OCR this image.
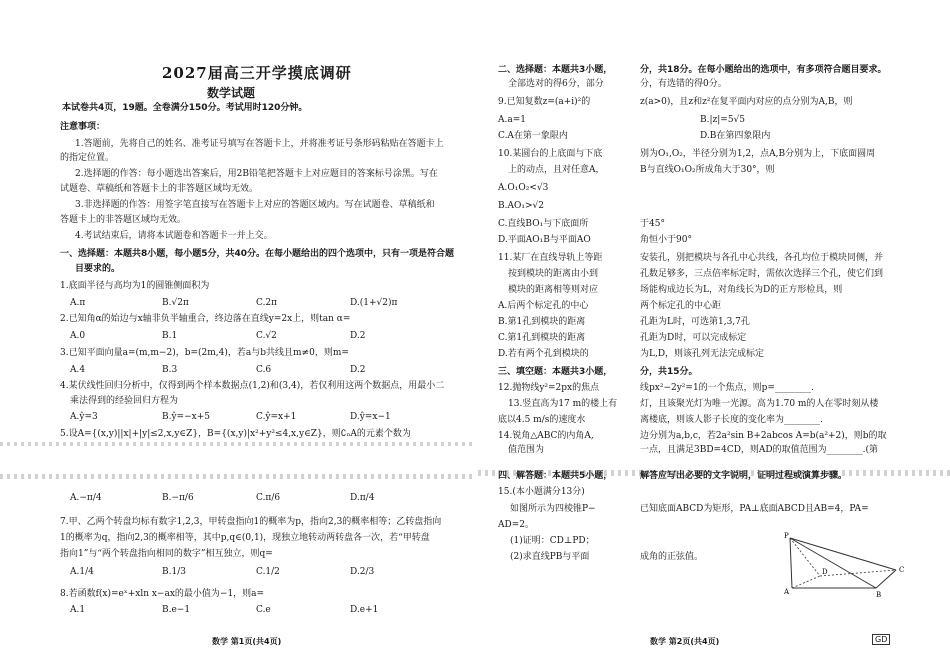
2027届高三开学摸底调研
数学试题
本试卷共4页，19题。全卷满分150分。考试用时120分钟。
注意事项：
1.答题前，先将自己的姓名、准考证号填写在答题卡上，并将准考证号条形码粘贴在答题卡上
的指定位置。
2.选择题的作答：每小题选出答案后，用2B铅笔把答题卡上对应题目的答案标号涂黑。写在
试题卷、草稿纸和答题卡上的非答题区域均无效。
3.非选择题的作答：用签字笔直接写在答题卡上对应的答题区域内。写在试题卷、草稿纸和
答题卡上的非答题区域均无效。
4.考试结束后，请将本试题卷和答题卡一并上交。
一、选择题：本题共8小题，每小题5分，共40分。在每小题给出的四个选项中，只有一项是符合题
目要求的。
1.底面半径与高均为1的圆锥侧面积为
A.π	B.√2π	C.2π	D.(1+√2)π
2.已知角α的始边与x轴非负半轴重合，终边落在直线y=2x上，则tan α=
A.0	B.1	C.√2	D.2
3.已知平面向量a=(m,m−2)，b=(2m,4)，若a与b共线且m≠0，则m=
A.4	B.3	C.6	D.2
4.某伏线性回归分析中，仅得到两个样本数据点(1,2)和(3,4)，若仅利用这两个数据点，用最小二
乘法得到的经验回归方程为
A.ŷ=3	B.ŷ=−x+5	C.ŷ=x+1	D.ŷ=x−1
5.设A={(x,y)||x|+|y|≤2,x,y∈Z}，B={(x,y)|x²+y²≤4,x,y∈Z}，则∁ₙA的元素个数为
A.−π/4	B.−π/6	C.π/6	D.π/4
7.甲、乙两个转盘均标有数字1,2,3，甲转盘指向1的概率为p，指向2,3的概率相等；乙转盘指向
1的概率为q，指向2,3的概率相等，其中p,q∈(0,1)，现独立地转动两转盘各一次，若“甲转盘
指向1”与“两个转盘指向相同的数字”相互独立，则q=
A.1/4	B.1/3	C.1/2	D.2/3
8.若函数f(x)=eˣ+xln x−ax的最小值为−1，则a=
A.1	B.e−1	C.e	D.e+1
数学 第1页(共4页)
二、选择题：本题共3小题，
全部选对的得6分，部分
9.已知复数z=(a+i)²的
A.a=1
C.A在第一象限内
10.某圆台的上底面与下底
上的动点，且对任意A，
A.O₁O₂<√3
B.AO₁>√2
C.直线BO₁与下底面所
D.平面AO₁B与平面AO
11.某厂在直线导轨上等距
按到模块的距离由小到
模块的距离相等则对应
A.后两个标定孔的中心
B.第1孔到模块的距离
C.第1孔到模块的距离
D.若有两个孔到模块的
三、填空题：本题共3小题，
12.抛物线y²=2px的焦点
13.竖直高为17 m的楼上有
底以4.5 m/s的速度水
14.锐角△ABC的内角A,
值范围为
分，共18分。在每小题给出的选项中，有多项符合题目要求。
分，有选错的得0分。
z(a>0)，且z和z²在复平面内对应的点分别为A,B，则
B.|z|=5√5
D.B在第四象限内
别为O₁,O₂，半径分别为1,2，点A,B分别为上，下底面圆周
B与直线O₁O₂所成角大于30°，则
于45°
角恒小于90°
安装孔，别把模块与各孔中心共线，各孔均位于模块同侧，并
孔数足够多，三点倍率标定时，需依次选择三个孔，使它们到
场能构成边长为L，对角线长为D的正方形检具，则
两个标定孔的中心距
孔距为L时，可选第1,3,7孔
孔距为D时，可以完成标定
为L,D，则该孔列无法完成标定
分，共15分。
线px²−2y²=1的一个焦点，则p=________.
灯，且该聚光灯为唯一光源。高为1.70 m的人在零时刻从楼
离楼底，则该人影子长度的变化率为________.
边分别为a,b,c，若2a²sin B+2abcos A=b(a²+2)，则b的取
一点，且满足3BD=4CD，则AD的取值范围为________.(第
四、解答题：本题共5小题，	解答应写出必要的文字说明，证明过程或演算步骤。
15.(本小题满分13分)
如图所示为四棱锥P−	已知底面ABCD为矩形，PA⊥底面ABCD且AB=4，PA=
AD=2。
(1)证明：CD⊥PD；
(2)求直线PB与平面	成角的正弦值。
P
A	B
C
D
数学 第2页(共4页)	GD
